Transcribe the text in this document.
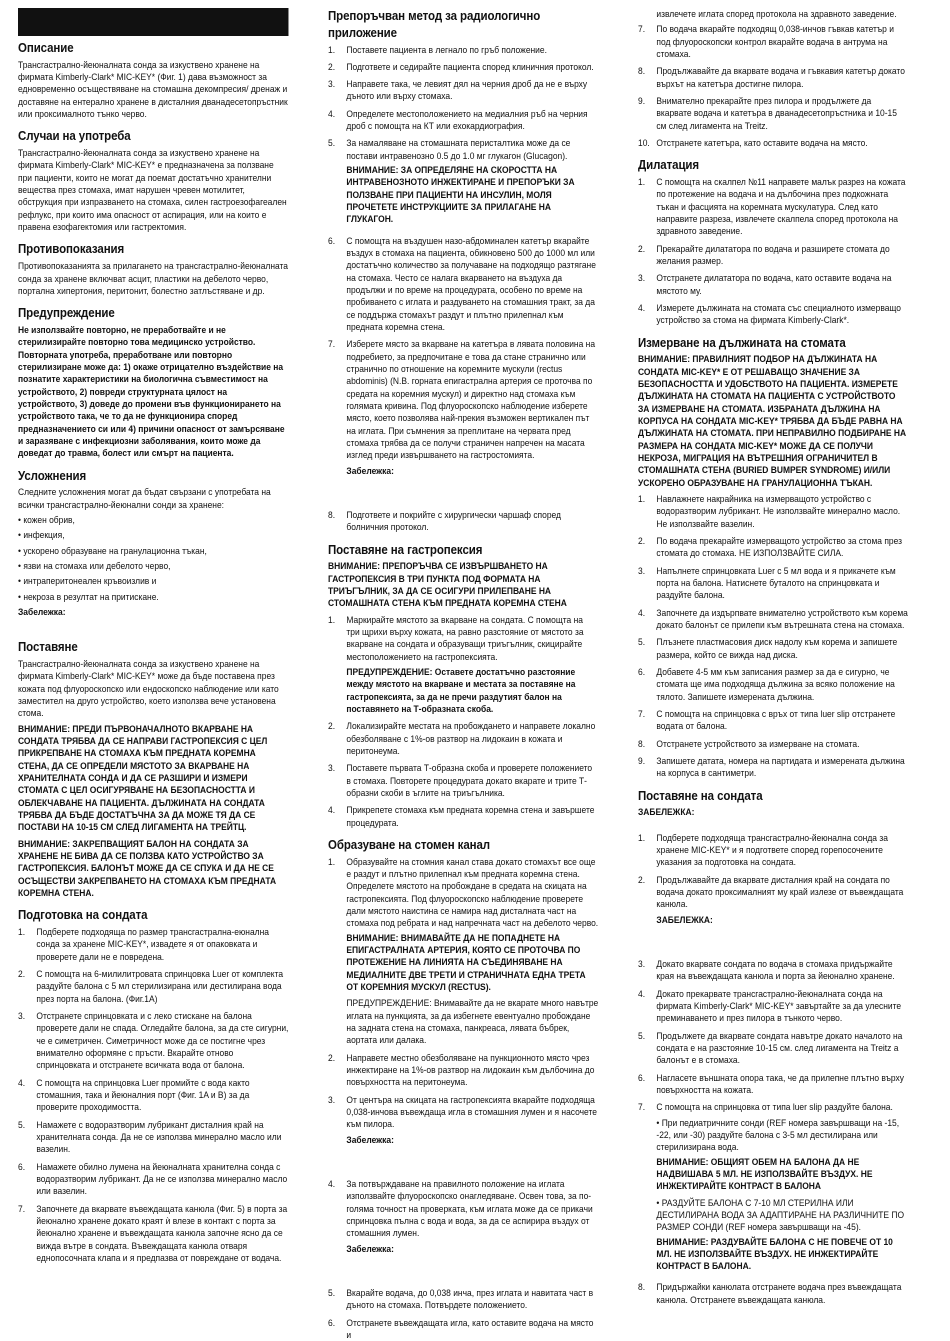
Описание

Трансгастрално-йеюналната сонда за изкуствено хранене на фирмата Kimberly-Clark* MIC-KEY* (Фиг. 1) дава възможност за едновременно осъществяване на стомашна декомпресия/ дренаж и доставяне на ентерално хранене в дисталния дванадесетопръстник или проксималното тънко черво.

Случаи на употреба

Трансгастрално-йеюналната сонда за изкуствено хранене на фирмата Kimberly-Clark* MIC-KEY* е предназначена за ползване при пациенти, които не могат да поемат достатъчно хранителни вещества през стомаха, имат нарушен чревен мотилитет, обструкция при изпразването на стомаха, силен гастроезофагеален рефлукс, при които има опасност от аспирация, или на които е правена езофагектомия или гастректомия.

Противопоказания

Противопоказанията за прилагането на трансгастрално-йеюналната сонда за хранене включват асцит, пластики на дебелото черво, портална хипертония, перитонит, болестно затлъстяване и др.

Предупреждение

Не използвайте повторно, не преработвайте и не стерилизирайте повторно това медицинско устройство. Повторната употреба, преработване или повторно стерилизиране може да: 1) окаже отрицателно въздействие на познатите характеристики на биологична съвместимост на устройството, 2) повреди структурната цялост на устройството, 3) доведе до промени във функционирането на устройството така, че то да не функционира според предназначението си или 4) причини опасност от замърсяване и заразяване с инфекциозни заболявания, които може да доведат до травма, болест или смърт на пациента.

Усложнения

Следните усложнения могат да бъдат свързани с употребата на всички трансгастрално-йеюнални сонди за хранене:

• кожен обрив,
• инфекция,
• ускорено образуване на гранулационна тъкан,
• язви на стомаха или дебелото черво,
• интраперитонеален кръвоизлив и
• некроза в резултат на притискане.

Забележка:

Поставяне

Трансгастрално-йеюналната сонда за изкуствено хранене на фирмата Kimberly-Clark* MIC-KEY* може да бъде поставена през кожата под флуороскопско или ендоскопско наблюдение или като заместител на друго устройство, което използва вече установена стома.

ВНИМАНИЕ: ПРЕДИ ПЪРВОНАЧАЛНОТО ВКАРВАНЕ НА СОНДАТА ТРЯБВА ДА СЕ НАПРАВИ ГАСТРОПЕКСИЯ С ЦЕЛ ПРИКРЕПВАНЕ НА СТОМАХА КЪМ ПРЕДНАТА КОРЕМНА СТЕНА, ДА СЕ ОПРЕДЕЛИ МЯСТОТО ЗА ВКАРВАНЕ НА ХРАНИТЕЛНАТА СОНДА И ДА СЕ РАЗШИРИ И ИЗМЕРИ СТОМАТА С ЦЕЛ ОСИГУРЯВАНЕ НА БЕЗОПАСНОСТТА И ОБЛЕКЧАВАНЕ НА ПАЦИЕНТА. ДЪЛЖИНАТА НА СОНДАТА ТРЯБВА ДА БЪДЕ ДОСТАТЪЧНА ЗА ДА МОЖЕ ТЯ ДА СЕ ПОСТАВИ НА 10-15 СМ СЛЕД ЛИГАМЕНТА НА ТРЕЙТЦ.

ВНИМАНИЕ: ЗАКРЕПВАЩИЯТ БАЛОН НА СОНДАТА ЗА ХРАНЕНЕ НЕ БИВА ДА СЕ ПОЛЗВА КАТО УСТРОЙСТВО ЗА ГАСТРОПЕКСИЯ. БАЛОНЪТ МОЖЕ ДА СЕ СПУКА И ДА НЕ СЕ ОСЪЩЕСТВИ ЗАКРЕПВАНЕТО НА СТОМАХА КЪМ ПРЕДНАТА КОРЕМНА СТЕНА.

Подготовка на сондата
1.	Подберете подходяща по размер трансгастрална-еюнална сонда за хранене MIC-KEY*, извадете я от опаковката и проверете дали не е повредена.
2.	С помощта на 6-милилитровата спринцовка Luer от комплекта раздуйте балона с 5 мл стерилизирана или дестилирана вода през порта на балона. (Фиг.1А)
3.	Отстранете спринцовката и с леко стискане на балона проверете дали не спада. Огледайте балона, за да сте сигурни, че е симетричен. Симетричност може да се постигне чрез внимателно оформяне с пръсти. Вкарайте отново спринцовката и отстранете всичката вода от балона.
4.	С помощта на спринцовка Luer промийте с вода както стомашния, така и йеюналния порт (Фиг. 1A и B) за да проверите проходимостта.
5.	Намажете с водоразтворим лубрикант дисталния край на хранителната сонда. Да не се използва минерално масло или вазелин.
6.	Намажете обилно лумена на йеюналната хранителна сонда с водоразтворим лубрикант. Да не се използва минерално масло или вазелин.
7.	Започнете да вкарвате въвеждащата канюла (Фиг. 5) в порта за йеюнално хранене докато краят ѝ влезе в контакт с порта за йеюнално хранене и въвеждащата канюла започне ясно да се вижда вътре в сондата. Въвеждащата канюла отваря еднопосочната клапа и я предпазва от повреждане от водача.
Препоръчван метод за радиологично приложение
1.	Поставете пациента в легнало по гръб положение.
2.	Подгответе и седирайте пациента според клиничния протокол.
3.	Направете така, че левият дял на черния дроб да не е върху дъното или върху стомаха.
4.	Определете местоположението на медиалния ръб на черния дроб с помощта на КТ или ехокардиография.
5.	За намаляване на стомашната перисталтика може да се постави интравенозно 0.5 до 1.0 мг глукагон (Glucagon).
ВНИМАНИЕ: ЗА ОПРЕДЕЛЯНЕ НА СКОРОСТТА НА ИНТРАВЕНОЗНОТО ИНЖЕКТИРАНЕ И ПРЕПОРЪКИ ЗА ПОЛЗВАНЕ ПРИ ПАЦИЕНТИ НА ИНСУЛИН, МОЛЯ ПРОЧЕТЕТЕ ИНСТРУКЦИИТЕ ЗА ПРИЛАГАНЕ НА ГЛУКАГОН.
6.	С помощта на въздушен назо-абдоминален катетър вкарайте въздух в стомаха на пациента, обикновено 500 до 1000 мл или достатъчно количество за получаване на подходящо разтягане на стомаха. Често се налага вкарването на въздуха да продължи и по време на процедурата, особено по време на пробиването с иглата и раздуването на стомашния тракт, за да се поддържа стомахът раздут и плътно прилепнал към предната коремна стена.
7.	Изберете място за вкарване на катетъра в лявата половина на подребието, за предпочитане е това да стане странично или странично по отношение на коремните мускули (rectus abdominis) (N.B. горната епигастрална артерия се проточва по средата на коремния мускул) и директно над стомаха към голямата кривина. Под флуороскопско наблюдение изберете място, което позволява най-прекия възможен вертикален път на иглата. При съмнения за преплитане на червата пред стомаха трябва да се получи страничен напречен на масата изглед преди извършването на гастростомията.
Забележка:
8.	Подгответе и покрийте с хирургически чаршаф според болничния протокол.
Поставяне на гастропексия

ВНИМАНИЕ: ПРЕПОРЪЧВА СЕ ИЗВЪРШВАНЕТО НА ГАСТРОПЕКСИЯ В ТРИ ПУНКТА ПОД ФОРМАТА НА ТРИЪГЪЛНИК, ЗА ДА СЕ ОСИГУРИ ПРИЛЕПВАНЕ НА СТОМАШНАТА СТЕНА КЪМ ПРЕДНАТА КОРЕМНА СТЕНА

1.	Маркирайте мястото за вкарване на сондата. С помощта на три щрихи върху кожата, на равно разстояние от мястото за вкарване на сондата и образуващи триъгълник, скицирайте местоположението на гастропексията.
ПРЕДУПРЕЖДЕНИЕ: Оставете достатъчно разстояние между мястото на вкарване и местата за поставяне на гастропексията, за да не пречи раздутият балон на поставянето на Т-образната скоба.
2.	Локализирайте местата на пробождането и направете локално обезболяване с 1%-ов разтвор на лидокаин в кожата и перитонеума.
3.	Поставете първата Т-образна скоба и проверете положението в стомаха. Повторете процедурата докато вкарате и трите Т-образни скоби в ъглите на триъгълника.
4.	Прикрепете стомаха към предната коремна стена и завършете процедурата.
Образуване на стомен канал
1.	Образувайте на стомния канал става докато стомахът все още е раздут и плътно прилепнал към предната коремна стена. Определете мястото на пробождане в средата на скицата на гастропексията. Под флуороскопско наблюдение проверете дали мястото наистина се намира над дисталната част на стомаха под ребрата и над напречната част на дебелото черво.
ВНИМАНИЕ: ВНИМАВАЙТЕ ДА НЕ ПОПАДНЕТЕ НА ЕПИГАСТРАЛНАТА АРТЕРИЯ, КОЯТО СЕ ПРОТОЧВА ПО ПРОТЕЖЕНИЕ НА ЛИНИЯТА НА СЪЕДИНЯВАНЕ НА МЕДИАЛНИТЕ ДВЕ ТРЕТИ И СТРАНИЧНАТА ЕДНА ТРЕТА ОТ КОРЕМНИЯ МУСКУЛ (RECTUS).
ПРЕДУПРЕЖДЕНИЕ: Внимавайте да не вкарате много навътре иглата на пункцията, за да избегнете евентуално пробождане на задната стена на стомаха, панкреаса, лявата бъбрек, аортата или далака.
2.	Направете местно обезболяване на пункционното място чрез инжектиране на 1%-ов разтвор на лидокаин към дълбочина до повърхността на перитонеума.
3.	От центъра на скицата на гастропексията вкарайте подходяща 0,038-инчова въвеждаща игла в стомашния лумен и я насочете към пилора.
Забележка:
4.	За потвърждаване на правилното положение на иглата използвайте флуороскопско онагледяване. Освен това, за по-голяма точност на проверката, към иглата може да се прикачи спринцовка пълна с вода и вода, за да се аспирира въздух от стомашния лумен.
Забележка:
5.	Вкарайте водача, до 0,038 инча, през иглата и навитата част в дъното на стомаха. Потвърдете положението.
6.	Отстранете въвеждащата игла, като оставите водача на място и

извлечете иглата според протокола на здравното заведение.

7.	По водача вкарайте подходящ 0,038-инчов гъвкав катетър и под флуороскопски контрол вкарайте водача в антрума на стомаха.
8.	Продължавайте да вкарвате водача и гъвкавия катетър докато върхът на катетъра достигне пилора.
9.	Внимателно прекарайте през пилора и продължете да вкарвате водача и катетъра в дванадесетопръстника и 10-15 см след лигамента на Treitz.
10. Отстранете катетъра, като оставите водача на място.
Дилатация
1.	С помощта на скалпел №11 направете малък разрез на кожата по протежение на водача и на дълбочина през подкожната тъкан и фасцията на коремната мускулатура. След като направите разреза, извлечете скалпела според протокола на здравното заведение.
2.	Прекарайте дилататора по водача и разширете стомата до желания размер.
3.	Отстранете дилататора по водача, като оставите водача на мястото му.
4.	Измерете дължината на стомата със специалното измерващо устройство за стома на фирмата Kimberly-Clark*.
Измерване на дължината на стомата

ВНИМАНИЕ: ПРАВИЛНИЯТ ПОДБОР НА ДЪЛЖИНАТА НА СОНДАТА MIC-KEY* Е ОТ РЕШАВАЩО ЗНАЧЕНИЕ ЗА БЕЗОПАСНОСТТА И УДОБСТВОТО НА ПАЦИЕНТА. ИЗМЕРЕТЕ ДЪЛЖИНАТА НА СТОМАТА НА ПАЦИЕНТА С УСТРОЙСТВОТО ЗА ИЗМЕРВАНЕ НА СТОМАТА. ИЗБРАНАТА ДЪЛЖИНА НА КОРПУСА НА СОНДАТА MIC-KEY* ТРЯБВА ДА БЪДЕ РАВНА НА ДЪЛЖИНАТА НА СТОМАТА. ПРИ НЕПРАВИЛНО ПОДБИРАНЕ НА РАЗМЕРА НА СОНДАТА MIC-KEY* МОЖЕ ДА СЕ ПОЛУЧИ НЕКРОЗА, МИГРАЦИЯ НА ВЪТРЕШНИЯ ОГРАНИЧИТЕЛ В СТОМАШНАТА СТЕНА (BURIED BUMPER SYNDROME) И/ИЛИ УСКОРЕНО ОБРАЗУВАНЕ НА ГРАНУЛАЦИОННА ТЪКАН.

1.	Навлажнете накрайника на измерващото устройство с водоразтворим лубрикант. Не използвайте минерално масло. Не използвайте вазелин.
2.	По водача прекарайте измерващото устройство за стома през стомата до стомаха. НЕ ИЗПОЛЗВАЙТЕ СИЛА.
3.	Напълнете спринцовката Luer с 5 мл вода и я прикачете към порта на балона. Натиснете буталото на спринцовката и раздуйте балона.
4.	Започнете да издърпвате внимателно устройството към корема докато балонът се прилепи към вътрешната стена на стомаха.
5.	Плъзнете пластмасовия диск надолу към корема и запишете размера, който се вижда над диска.
6.	Добавете 4-5 мм към записания размер за да е сигурно, че стомата ще има подходяща дължина за всяко положение на тялото. Запишете измерената дължина.
7.	С помощта на спринцовка с връх от типа luer slip отстранете водата от балона.
8.	Отстранете устройството за измерване на стомата.
9.	Запишете датата, номера на партидата и измерената дължина на корпуса в сантиметри.
Поставяне на сондата

ЗАБЕЛЕЖКА:

1.	Подберете подходяща трансгастрално-йеюнална сонда за хранене MIC-KEY* и я подгответе според горепосочените указания за подготовка на сондата.
2.	Продължавайте да вкарвате дисталния край на сондата по водача докато проксималният му край излезе от въвеждащата канюла.
ЗАБЕЛЕЖКА:
3.	Докато вкарвате сондата по водача в стомаха придържайте края на въвеждащата канюла и порта за йеюнално хранене.
4.	Докато прекарвате трансгастрално-йеюналната сонда на фирмата Kimberly-Clark* MIC-KEY* завъртайте за да улесните преминаването и през пилора в тънкото черво.
5.	Продължете да вкарвате сондата навътре докато началото на сондата е на разстояние 10-15 см. след лигамента на Treitz а балонът е в стомаха.
6.	Нагласете външната опора така, че да прилепне плътно върху повърхността на кожата.
7.	С помощта на спринцовка от типа luer slip раздуйте балона.
• При педиатричните сонди (REF номера завършващи на -15, -22, или -30) раздуйте балона с 3-5 мл дестилирана или стерилизирана вода.
ВНИМАНИЕ: ОБЩИЯТ ОБЕМ НА БАЛОНА ДА НЕ НАДВИШАВА 5 МЛ. НЕ ИЗПОЛЗВАЙТЕ ВЪЗДУХ. НЕ ИНЖЕКТИРАЙТЕ КОНТРАСТ В БАЛОНА
• РАЗДУЙТЕ БАЛОНА С 7-10 МЛ СТЕРИЛНА ИЛИ ДЕСТИЛИРАНА ВОДА ЗА АДАПТИРАНЕ НА РАЗЛИЧНИТЕ ПО РАЗМЕР СОНДИ (REF номера завършващи на -45).
ВНИМАНИЕ: РАЗДУВАЙТЕ БАЛОНА С НЕ ПОВЕЧЕ ОТ 10 МЛ. НЕ ИЗПОЛЗВАЙТЕ ВЪЗДУХ. НЕ ИНЖЕКТИРАЙТЕ КОНТРАСТ В БАЛОНА.
8.	Придържайки канюлата отстранете водача през въвеждащата канюла. Отстранете въвеждащата канюла.
